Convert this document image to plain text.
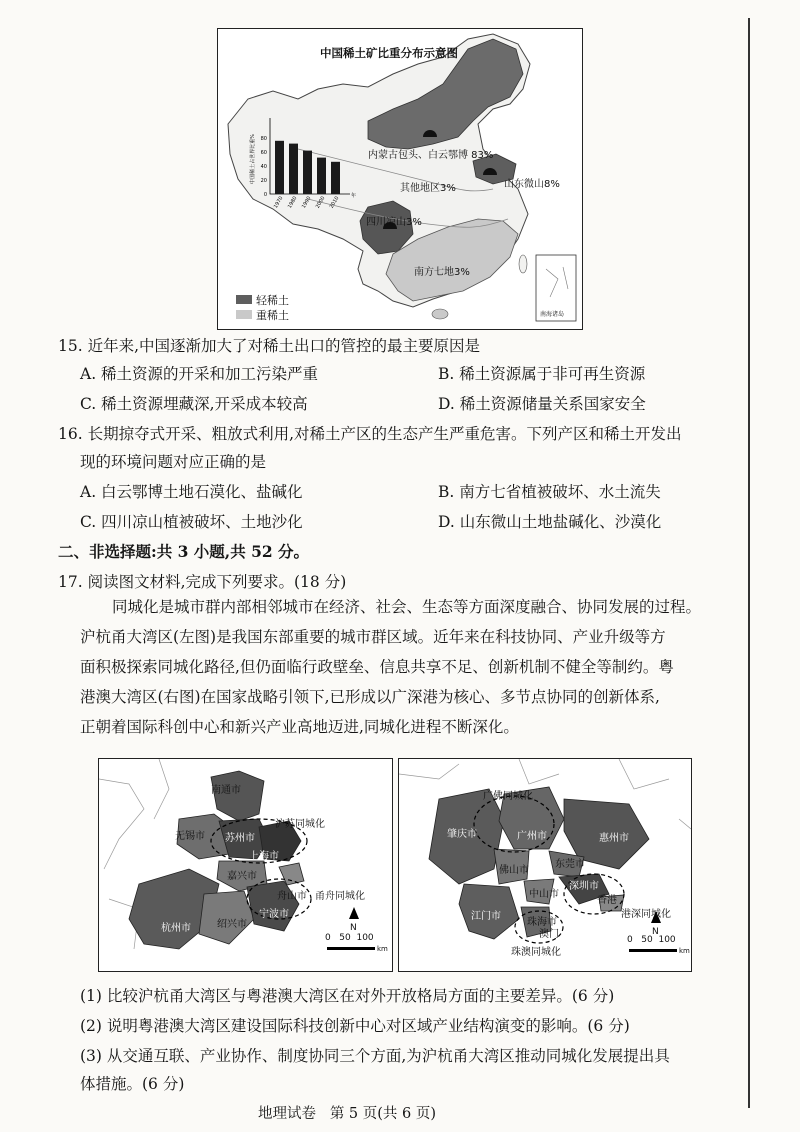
0
20
40
60
80
1970 1980 1990 2000 2010 年
中国稀土占世界比重%
中国稀土矿比重分布示意图
内蒙古包头、白云鄂博 83%
山东微山8%
其他地区3%
四川凉山3%
南方七地3%
轻稀土
重稀土	南海诸岛
15. 近年来,中国逐渐加大了对稀土出口的管控的最主要原因是
A. 稀土资源的开采和加工污染严重	B. 稀土资源属于非可再生资源
C. 稀土资源埋藏深,开采成本较高	D. 稀土资源储量关系国家安全
16. 长期掠夺式开采、粗放式利用,对稀土产区的生态产生严重危害。下列产区和稀土开发出
现的环境问题对应正确的是
A. 白云鄂博土地石漠化、盐碱化	B. 南方七省植被破坏、水土流失
C. 四川凉山植被破坏、土地沙化	D. 山东微山土地盐碱化、沙漠化
二、非选择题:共 3 小题,共 52 分。
17. 阅读图文材料,完成下列要求。(18 分)
同城化是城市群内部相邻城市在经济、社会、生态等方面深度融合、协同发展的过程。
沪杭甬大湾区(左图)是我国东部重要的城市群区域。近年来在科技协同、产业升级等方
面积极探索同城化路径,但仍面临行政壁垒、信息共享不足、创新机制不健全等制约。粤
港澳大湾区(右图)在国家战略引领下,已形成以广深港为核心、多节点协同的创新体系,
正朝着国际科创中心和新兴产业高地迈进,同城化进程不断深化。
南通市
沪苏同城化
无锡市 苏州市
上海市
嘉兴市
舟山市 甬舟同城化
杭州市	绍兴市
宁波市
N
0   50  100
km
广佛同城化
肇庆市	广州市	惠州市
东莞市
佛山市
深圳市
中山市
香港
港深同城化
江门市
珠海市
澳门
珠澳同城化
N
0   50  100
km
(1) 比较沪杭甬大湾区与粤港澳大湾区在对外开放格局方面的主要差异。(6 分)
(2) 说明粤港澳大湾区建设国际科技创新中心对区域产业结构演变的影响。(6 分)
(3) 从交通互联、产业协作、制度协同三个方面,为沪杭甬大湾区推动同城化发展提出具
体措施。(6 分)
地理试卷   第 5 页(共 6 页)
